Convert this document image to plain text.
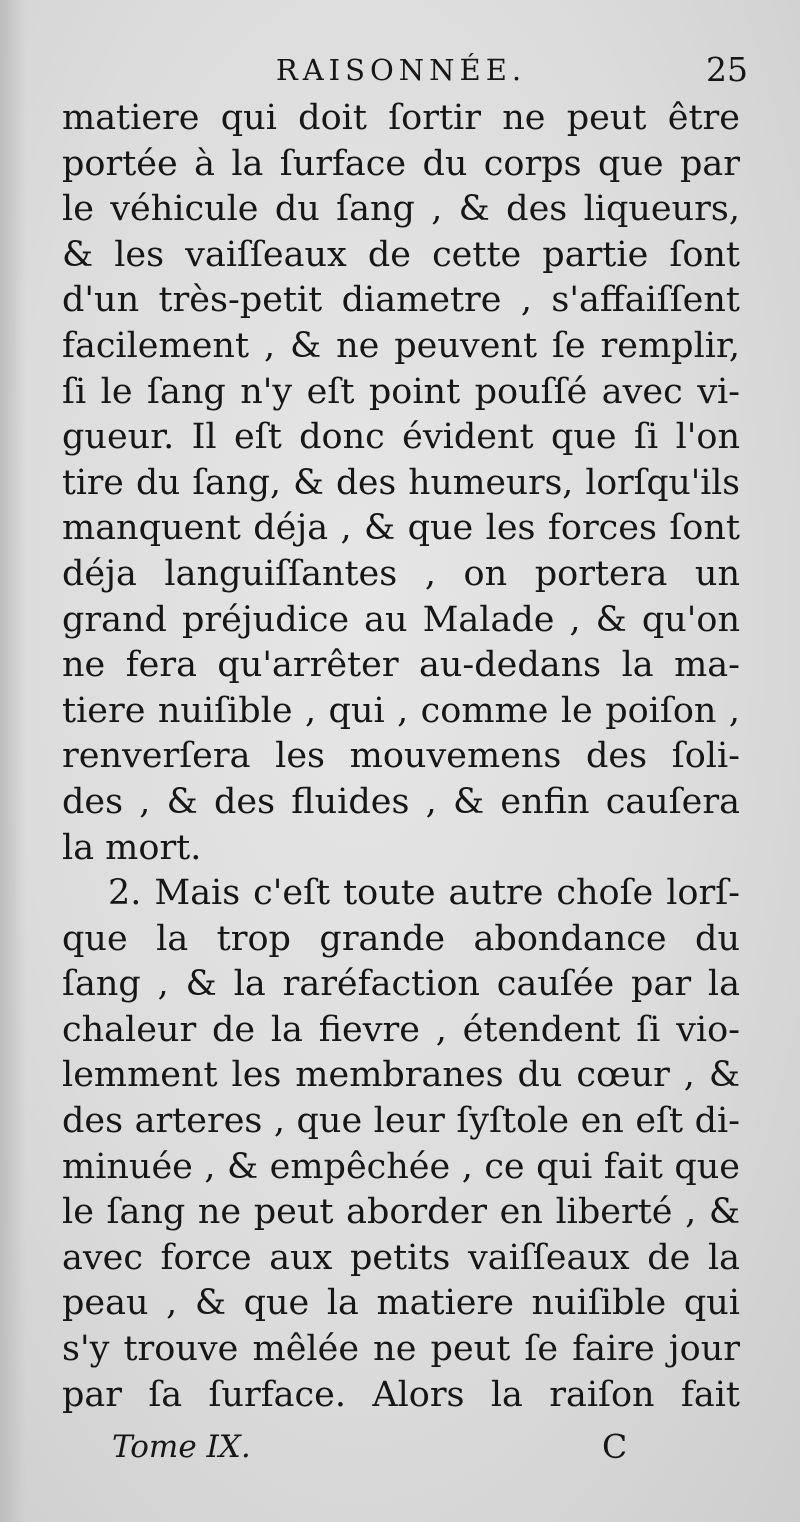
RAISONNÉE.	25
matiere qui doit ſortir ne peut être
portée à la ſurface du corps que par
le véhicule du ſang , & des liqueurs,
& les vaiſſeaux de cette partie ſont
d'un très-petit diametre , s'affaiſſent
facilement , & ne peuvent ſe remplir,
ſi le ſang n'y eſt point pouſſé avec vi-
gueur. Il eſt donc évident que ſi l'on
tire du ſang, & des humeurs, lorſqu'ils
manquent déja , & que les forces ſont
déja languiſſantes , on portera un
grand préjudice au Malade , & qu'on
ne fera qu'arrêter au-dedans la ma-
tiere nuiſible , qui , comme le poiſon ,
renverſera les mouvemens des ſoli-
des , & des fluides , & enfin cauſera
la mort.
2. Mais c'eſt toute autre choſe lorſ-
que la trop grande abondance du
ſang , & la raréfaction cauſée par la
chaleur de la fievre , étendent ſi vio-
lemment les membranes du cœur , &
des arteres , que leur ſyſtole en eſt di-
minuée , & empêchée , ce qui fait que
le ſang ne peut aborder en liberté , &
avec force aux petits vaiſſeaux de la
peau , & que la matiere nuiſible qui
s'y trouve mêlée ne peut ſe faire jour
par ſa ſurface. Alors la raiſon fait
Tome IX.	C
